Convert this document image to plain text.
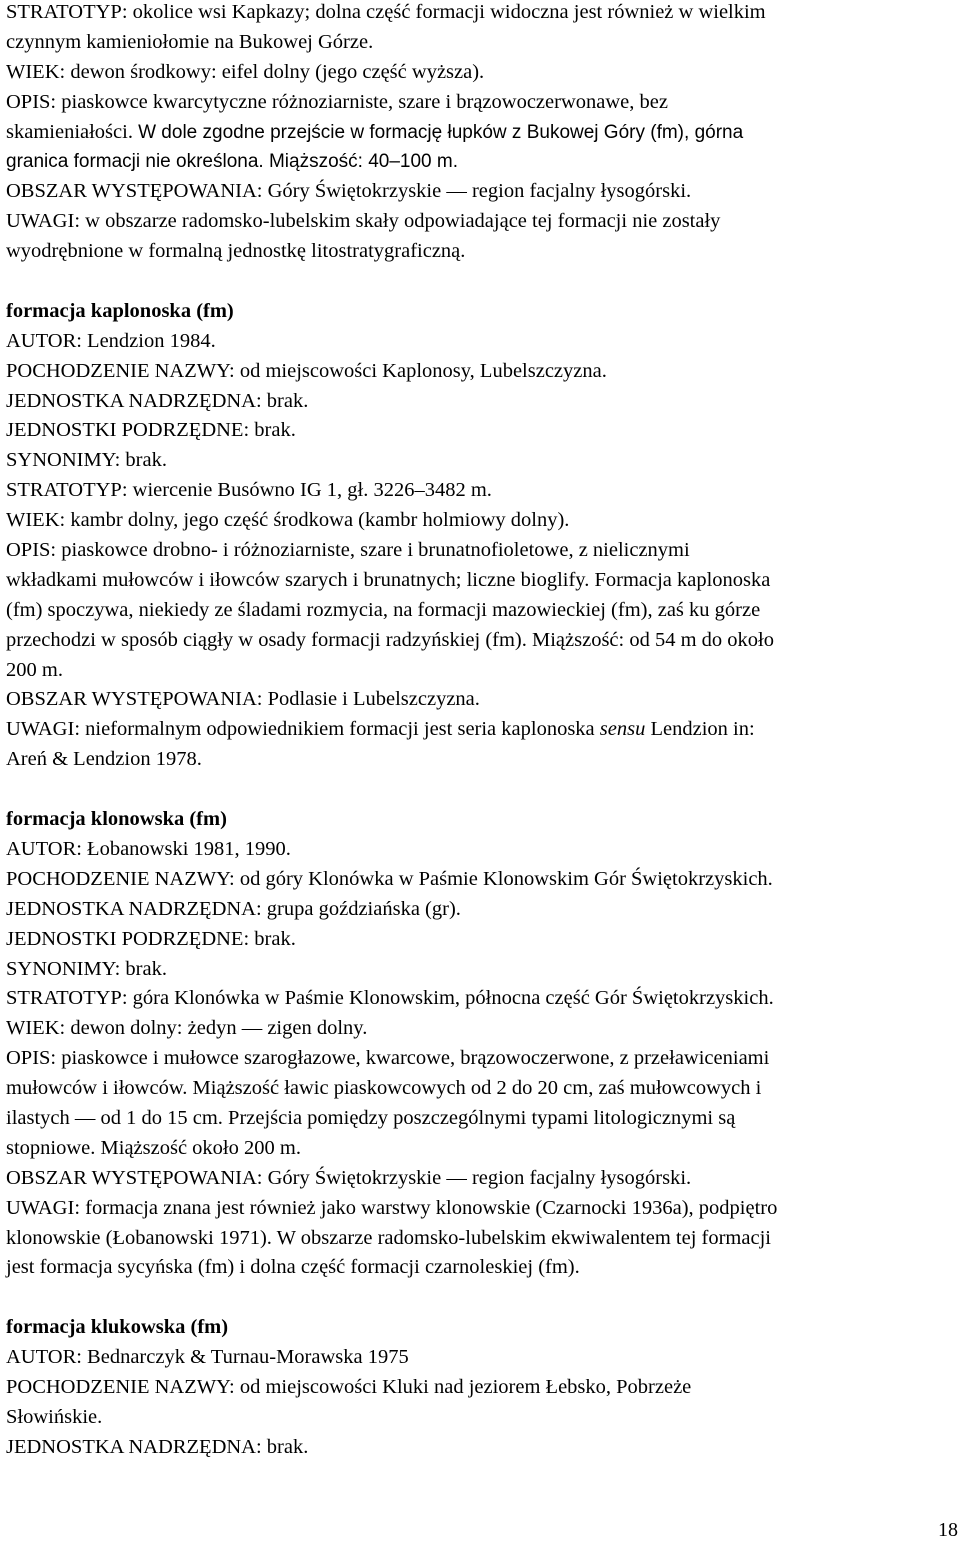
STRATOTYP: okolice wsi Kapkazy; dolna część formacji widoczna jest również w wielkim
czynnym kamieniołomie na Bukowej Górze.
WIEK: dewon środkowy: eifel dolny (jego część wyższa).
OPIS: piaskowce kwarcytyczne różnoziarniste, szare i brązowoczerwonawe, bez
skamieniałości. W dole zgodne przejście w formację łupków z Bukowej Góry (fm), górna
granica formacji nie określona. Miąższość: 40–100 m.
OBSZAR WYSTĘPOWANIA: Góry Świętokrzyskie — region facjalny łysogórski.
UWAGI: w obszarze radomsko-lubelskim skały odpowiadające tej formacji nie zostały
wyodrębnione w formalną jednostkę litostratygraficzną.
formacja kaplonoska (fm)
AUTOR: Lendzion 1984.
POCHODZENIE NAZWY: od miejscowości Kaplonosy, Lubelszczyzna.
JEDNOSTKA NADRZĘDNA: brak.
JEDNOSTKI PODRZĘDNE: brak.
SYNONIMY: brak.
STRATOTYP: wiercenie Busówno IG 1, gł. 3226–3482 m.
WIEK: kambr dolny, jego część środkowa (kambr holmiowy dolny).
OPIS: piaskowce drobno- i różnoziarniste, szare i brunatnofioletowe, z nielicznymi
wkładkami mułowców i iłowców szarych i brunatnych; liczne bioglify. Formacja kaplonoska
(fm) spoczywa, niekiedy ze śladami rozmycia, na formacji mazowieckiej (fm), zaś ku górze
przechodzi w sposób ciągły w osady formacji radzyńskiej (fm). Miąższość: od 54 m do około
200 m.
OBSZAR WYSTĘPOWANIA: Podlasie i Lubelszczyzna.
UWAGI: nieformalnym odpowiednikiem formacji jest seria kaplonoska sensu Lendzion in:
Areń & Lendzion 1978.
formacja klonowska (fm)
AUTOR: Łobanowski 1981, 1990.
POCHODZENIE NAZWY: od góry Klonówka w Paśmie Klonowskim Gór Świętokrzyskich.
JEDNOSTKA NADRZĘDNA: grupa goździańska (gr).
JEDNOSTKI PODRZĘDNE: brak.
SYNONIMY: brak.
STRATOTYP: góra Klonówka w Paśmie Klonowskim, północna część Gór Świętokrzyskich.
WIEK: dewon dolny: żedyn — zigen dolny.
OPIS: piaskowce i mułowce szarogłazowe, kwarcowe, brązowoczerwone, z przeławiceniami
mułowców i iłowców. Miąższość ławic piaskowcowych od 2 do 20 cm, zaś mułowcowych i
ilastych — od 1 do 15 cm. Przejścia pomiędzy poszczególnymi typami litologicznymi są
stopniowe. Miąższość około 200 m.
OBSZAR WYSTĘPOWANIA: Góry Świętokrzyskie — region facjalny łysogórski.
UWAGI: formacja znana jest również jako warstwy klonowskie (Czarnocki 1936a), podpiętro
klonowskie (Łobanowski 1971). W obszarze radomsko-lubelskim ekwiwalentem tej formacji
jest formacja sycyńska (fm) i dolna część formacji czarnoleskiej (fm).
formacja klukowska (fm)
AUTOR: Bednarczyk & Turnau-Morawska 1975
POCHODZENIE NAZWY: od miejscowości Kluki nad jeziorem Łebsko, Pobrzeże
Słowińskie.
JEDNOSTKA NADRZĘDNA: brak.
18
